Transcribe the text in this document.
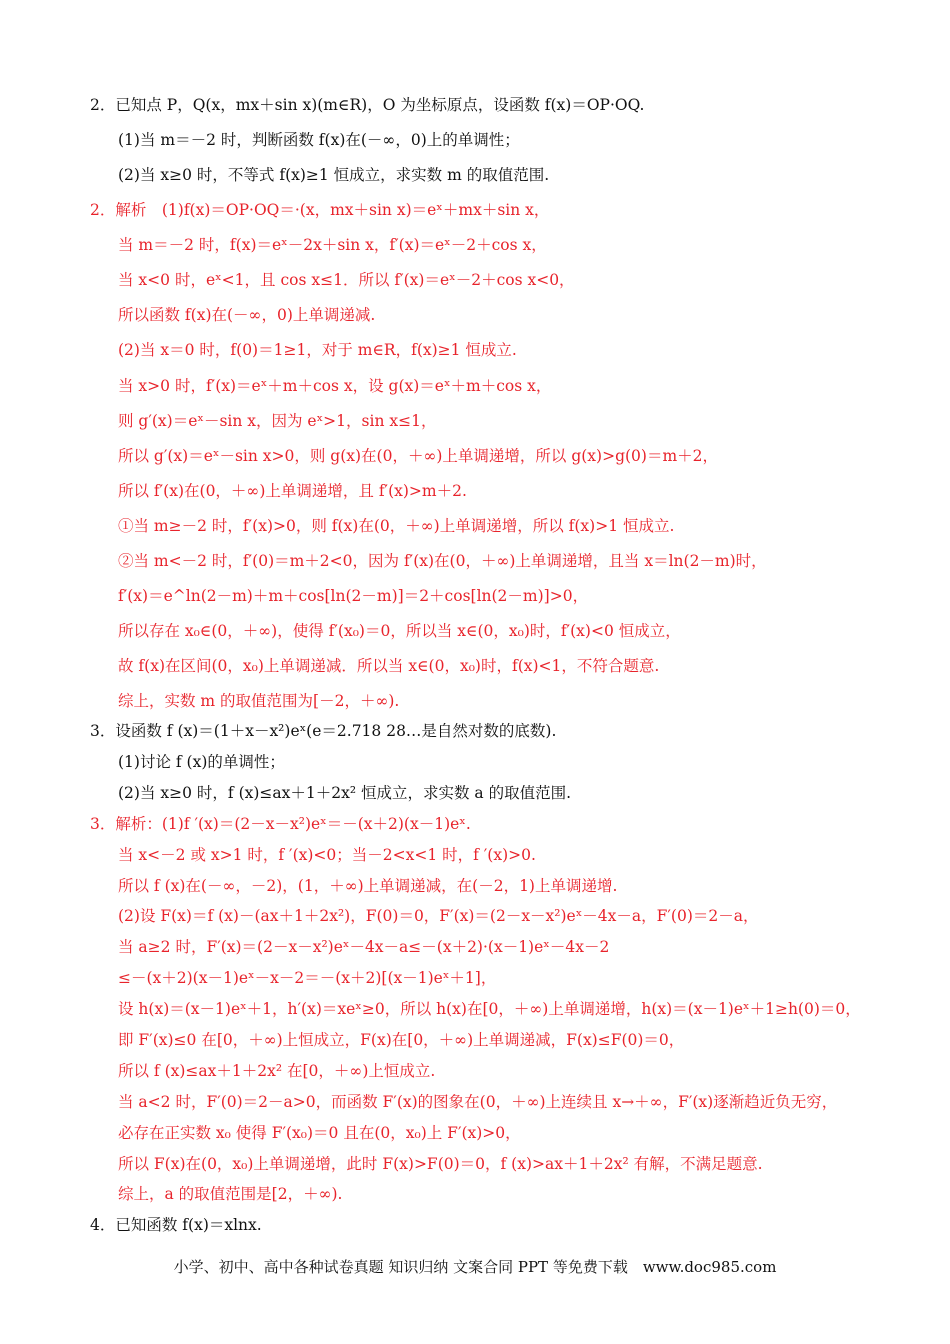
2．已知点 P，Q(x，mx＋sin x)(m∈R)，O 为坐标原点，设函数 f(x)＝OP·OQ.
(1)当 m＝－2 时，判断函数 f(x)在(－∞，0)上的单调性；
(2)当 x≥0 时，不等式 f(x)≥1 恒成立，求实数 m 的取值范围.
2．解析　(1)f(x)＝OP·OQ＝·(x，mx＋sin x)＝eˣ＋mx＋sin x，
当 m＝－2 时，f(x)＝eˣ－2x＋sin x，f′(x)＝eˣ－2＋cos x，
当 x<0 时，eˣ<1，且 cos x≤1．所以 f′(x)＝eˣ－2＋cos x<0，
所以函数 f(x)在(－∞，0)上单调递减.
(2)当 x＝0 时，f(0)＝1≥1，对于 m∈R，f(x)≥1 恒成立.
当 x>0 时，f′(x)＝eˣ＋m＋cos x，设 g(x)＝eˣ＋m＋cos x，
则 g′(x)＝eˣ－sin x，因为 eˣ>1，sin x≤1，
所以 g′(x)＝eˣ－sin x>0，则 g(x)在(0，＋∞)上单调递增，所以 g(x)>g(0)＝m＋2，
所以 f′(x)在(0，＋∞)上单调递增，且 f′(x)>m＋2.
①当 m≥－2 时，f′(x)>0，则 f(x)在(0，＋∞)上单调递增，所以 f(x)>1 恒成立.
②当 m<－2 时，f′(0)＝m＋2<0，因为 f′(x)在(0，＋∞)上单调递增，且当 x＝ln(2－m)时，
f′(x)＝e^ln(2－m)＋m＋cos[ln(2－m)]＝2＋cos[ln(2－m)]>0，
所以存在 x₀∈(0，＋∞)，使得 f′(x₀)＝0，所以当 x∈(0，x₀)时，f′(x)<0 恒成立，
故 f(x)在区间(0，x₀)上单调递减．所以当 x∈(0，x₀)时，f(x)<1，不符合题意.
综上，实数 m 的取值范围为[－2，＋∞).
3．设函数 f (x)＝(1＋x－x²)eˣ(e＝2.718 28…是自然对数的底数).
(1)讨论 f (x)的单调性；
(2)当 x≥0 时，f (x)≤ax＋1＋2x² 恒成立，求实数 a 的取值范围.
3．解析：(1)f ′(x)＝(2－x－x²)eˣ＝－(x＋2)(x－1)eˣ.
当 x<－2 或 x>1 时，f ′(x)<0；当－2<x<1 时，f ′(x)>0.
所以 f (x)在(－∞，－2)，(1，＋∞)上单调递减，在(－2，1)上单调递增.
(2)设 F(x)＝f (x)－(ax＋1＋2x²)，F(0)＝0，F′(x)＝(2－x－x²)eˣ－4x－a，F′(0)＝2－a，
当 a≥2 时，F′(x)＝(2－x－x²)eˣ－4x－a≤－(x＋2)·(x－1)eˣ－4x－2
≤－(x＋2)(x－1)eˣ－x－2＝－(x＋2)[(x－1)eˣ＋1]，
设 h(x)＝(x－1)eˣ＋1，h′(x)＝xeˣ≥0，所以 h(x)在[0，＋∞)上单调递增，h(x)＝(x－1)eˣ＋1≥h(0)＝0，
即 F′(x)≤0 在[0，＋∞)上恒成立，F(x)在[0，＋∞)上单调递减，F(x)≤F(0)＝0，
所以 f (x)≤ax＋1＋2x² 在[0，＋∞)上恒成立.
当 a<2 时，F′(0)＝2－a>0，而函数 F′(x)的图象在(0，＋∞)上连续且 x→＋∞，F′(x)逐渐趋近负无穷，
必存在正实数 x₀ 使得 F′(x₀)＝0 且在(0，x₀)上 F′(x)>0，
所以 F(x)在(0，x₀)上单调递增，此时 F(x)>F(0)＝0，f (x)>ax＋1＋2x² 有解，不满足题意.
综上，a 的取值范围是[2，＋∞).
4．已知函数 f(x)＝xlnx.
小学、初中、高中各种试卷真题 知识归纳 文案合同 PPT 等免费下载　www.doc985.com
